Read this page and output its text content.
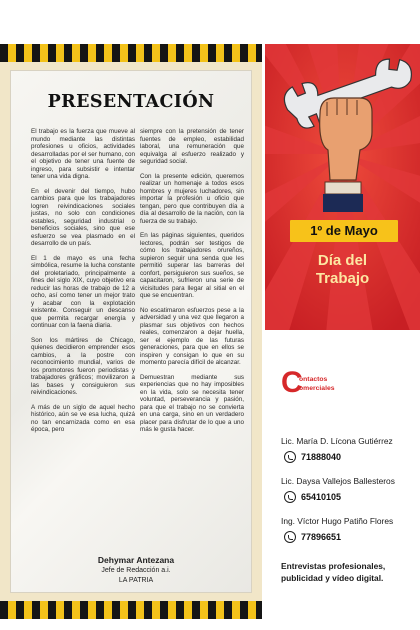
PRESENTACIÓN

El trabajo es la fuerza que mueve al mundo mediante las distintas profesiones u oficios, actividades desarrolladas por el ser humano, con el objetivo de tener una fuente de ingreso, para subsistir e intentar tener una vida digna.

En el devenir del tiempo, hubo cambios para que los trabajadores logren reivindicaciones sociales justas, no solo con condiciones estables, seguridad industrial o beneficios sociales, sino que ese esfuerzo se vea plasmado en el desarrollo de un país.

El 1 de mayo es una fecha simbólica, resume la lucha constante del proletariado, principalmente a fines del siglo XIX, cuyo objetivo era reducir las horas de trabajo de 12 a ocho, así como tener un mejor trato y acabar con la explotación existente. Conseguir un descanso que permita recargar energía y continuar con la faena diaria.

Son los mártires de Chicago, quienes decidieron emprender esos cambios, a la postre con reconocimiento mundial, varios de los promotores fueron periodistas y trabajadores gráficos; movilizaron a las bases y consiguieron sus reivindicaciones.

A más de un siglo de aquel hecho histórico, aún se ve esa lucha, quizá no tan encarnizada como en esa época, pero

siempre con la pretensión de tener fuentes de empleo, estabilidad laboral, una remuneración que equivalga al esfuerzo realizado y seguridad social.

Con la presente edición, queremos realizar un homenaje a todos esos hombres y mujeres luchadores, sin importar la profesión u oficio que tengan, pero que contribuyen día a día al desarrollo de la nación, con la fuerza de su trabajo.

En las páginas siguientes, queridos lectores, podrán ser testigos de cómo los trabajadores orureños, supieron seguir una senda que les permitió superar las barreras del confort, persiguieron sus sueños, se capacitaron, sufrieron una serie de vicisitudes para llegar al sitial en el que se encuentran.

No escatimaron esfuerzos pese a la adversidad y una vez que llegaron a plasmar sus objetivos con hechos reales, comenzaron a dejar huella, ser el ejemplo de las futuras generaciones, para que en ellos se inspiren y consigan lo que en su momento parecía difícil de alcanzar.

Demuestran mediante sus experiencias que no hay imposibles en la vida, solo se necesita tener voluntad, perseverancia y pasión, para que el trabajo no se convierta en una carga, sino en un verdadero placer para disfrutar de lo que a uno más le gusta hacer.

Dehymar Antezana
Jefe de Redacción a.i.
LA PATRIA
1º de Mayo
Día del
Trabajo
C
ontactos
omerciales
Lic. María D. Lícona Gutiérrez
71888040
Lic. Daysa Vallejos Ballesteros
65410105
Ing. Víctor Hugo Patiño Flores
77896651
Entrevistas profesionales, publicidad y vídeo digital.
